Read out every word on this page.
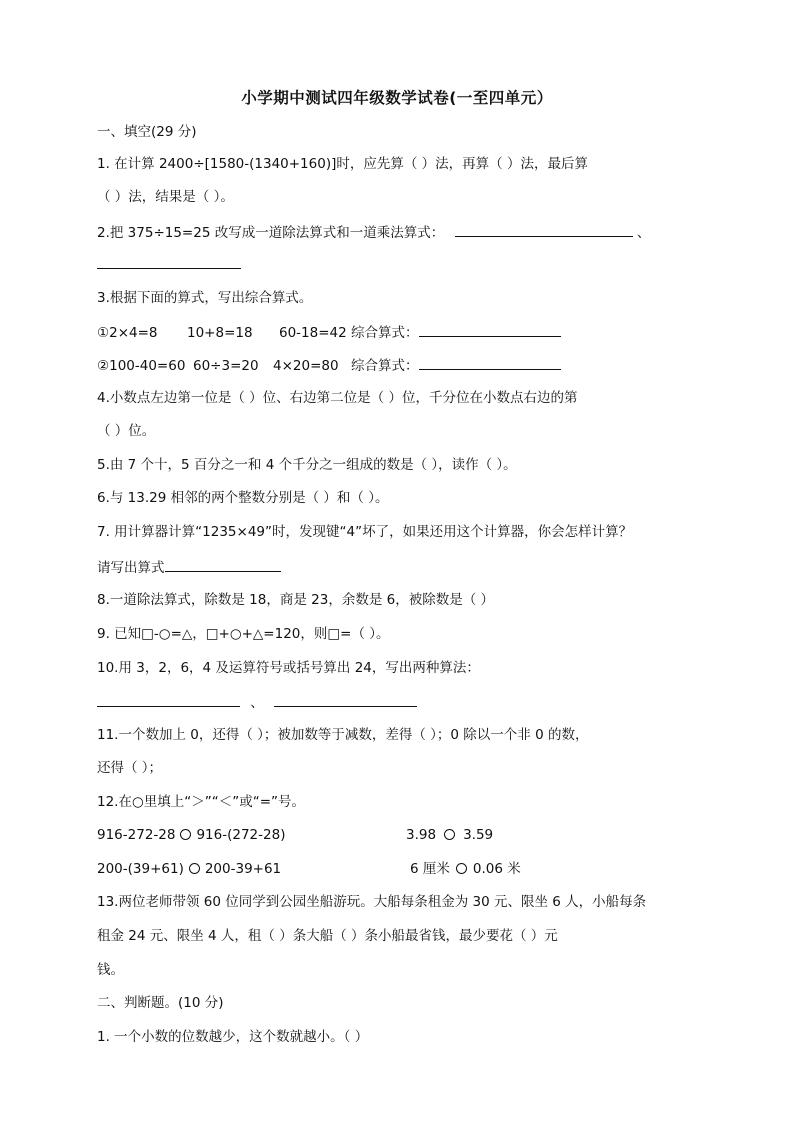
小学期中测试四年级数学试卷(一至四单元）
一、填空(29 分)
1. 在计算 2400÷[1580-(1340+160)]时，应先算（ ）法，再算（ ）法，最后算
（ ）法，结果是（ ）。
2.把 375÷15=25 改写成一道除法算式和一道乘法算式：	、
3.根据下面的算式，写出综合算式。
①2×4=8 10+8=18 60-18=42 综合算式：
②100-40=60 60÷3=20 4×20=80 综合算式：
4.小数点左边第一位是（ ）位、右边第二位是（ ）位，千分位在小数点右边的第
（ ）位。
5.由 7 个十，5 百分之一和 4 个千分之一组成的数是（ ），读作（ ）。
6.与 13.29 相邻的两个整数分别是（ ）和（ ）。
7. 用计算器计算“1235×49”时，发现键“4”坏了，如果还用这个计算器，你会怎样计算？
请写出算式
8.一道除法算式，除数是 18，商是 23，余数是 6，被除数是（ ）
9. 已知□-○=△，□+○+△=120，则□=（ ）。
10.用 3，2，6，4 及运算符号或括号算出 24，写出两种算法：
、
11.一个数加上 0，还得（ ）；被加数等于减数，差得（ ）；0 除以一个非 0 的数，
还得（ ）；
12.在○里填上“＞”“＜”或“=”号。
916-272-28 916-(272-28)	3.98 3.59
200-(39+61) 200-39+61	6 厘米 0.06 米
13.两位老师带领 60 位同学到公园坐船游玩。大船每条租金为 30 元、限坐 6 人，小船每条
租金 24 元、限坐 4 人，租（ ）条大船（ ）条小船最省钱，最少要花（ ）元
钱。
二、判断题。(10 分)
1. 一个小数的位数越少，这个数就越小。（ ）
